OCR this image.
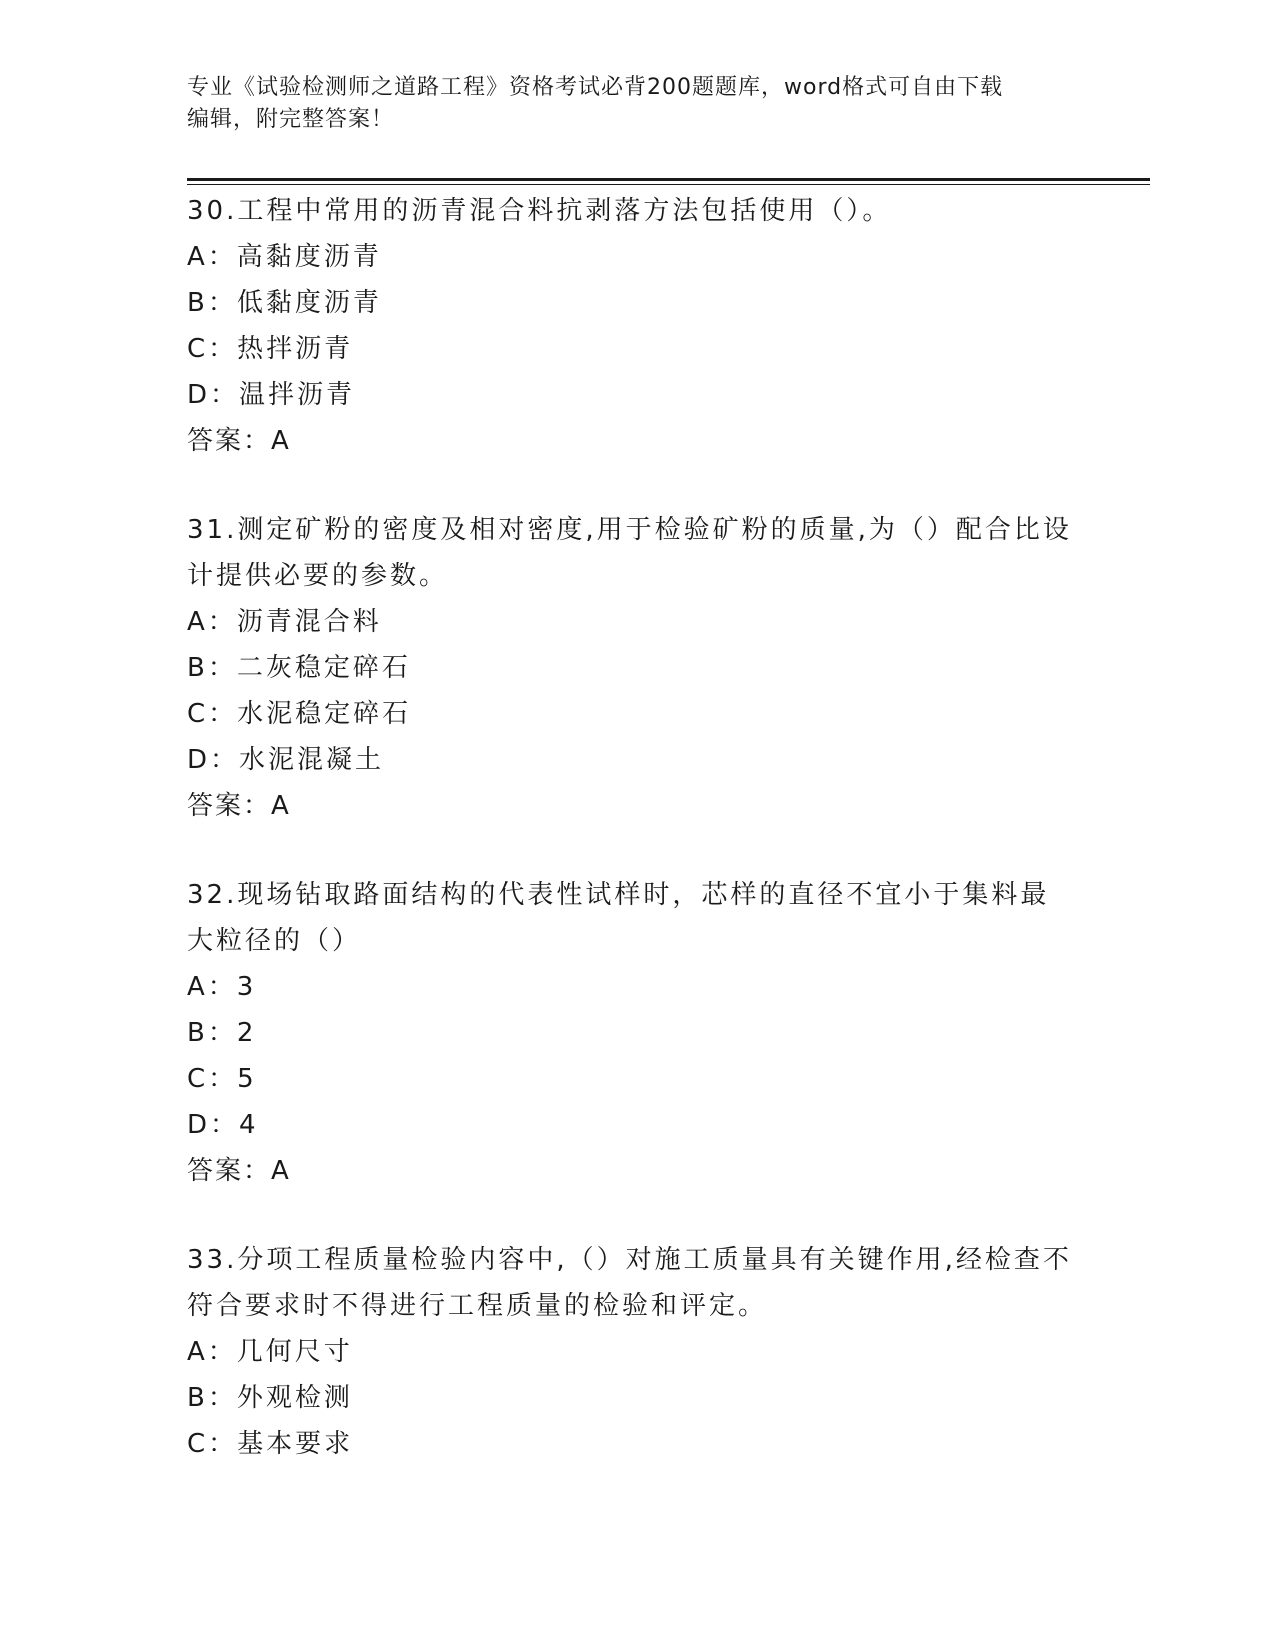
专业《试验检测师之道路工程》资格考试必背200题题库，word格式可自由下载
编辑，附完整答案！
30.工程中常用的沥青混合料抗剥落方法包括使用（）。
A：高黏度沥青
B：低黏度沥青
C：热拌沥青
D：温拌沥青
答案：A
31.测定矿粉的密度及相对密度,用于检验矿粉的质量,为（）配合比设计提供必要的参数。
A：沥青混合料
B：二灰稳定碎石
C：水泥稳定碎石
D：水泥混凝土
答案：A
32.现场钻取路面结构的代表性试样时，芯样的直径不宜小于集料最大粒径的（）
A：3
B：2
C：5
D：4
答案：A
33.分项工程质量检验内容中,（）对施工质量具有关键作用,经检查不符合要求时不得进行工程质量的检验和评定。
A：几何尺寸
B：外观检测
C：基本要求
